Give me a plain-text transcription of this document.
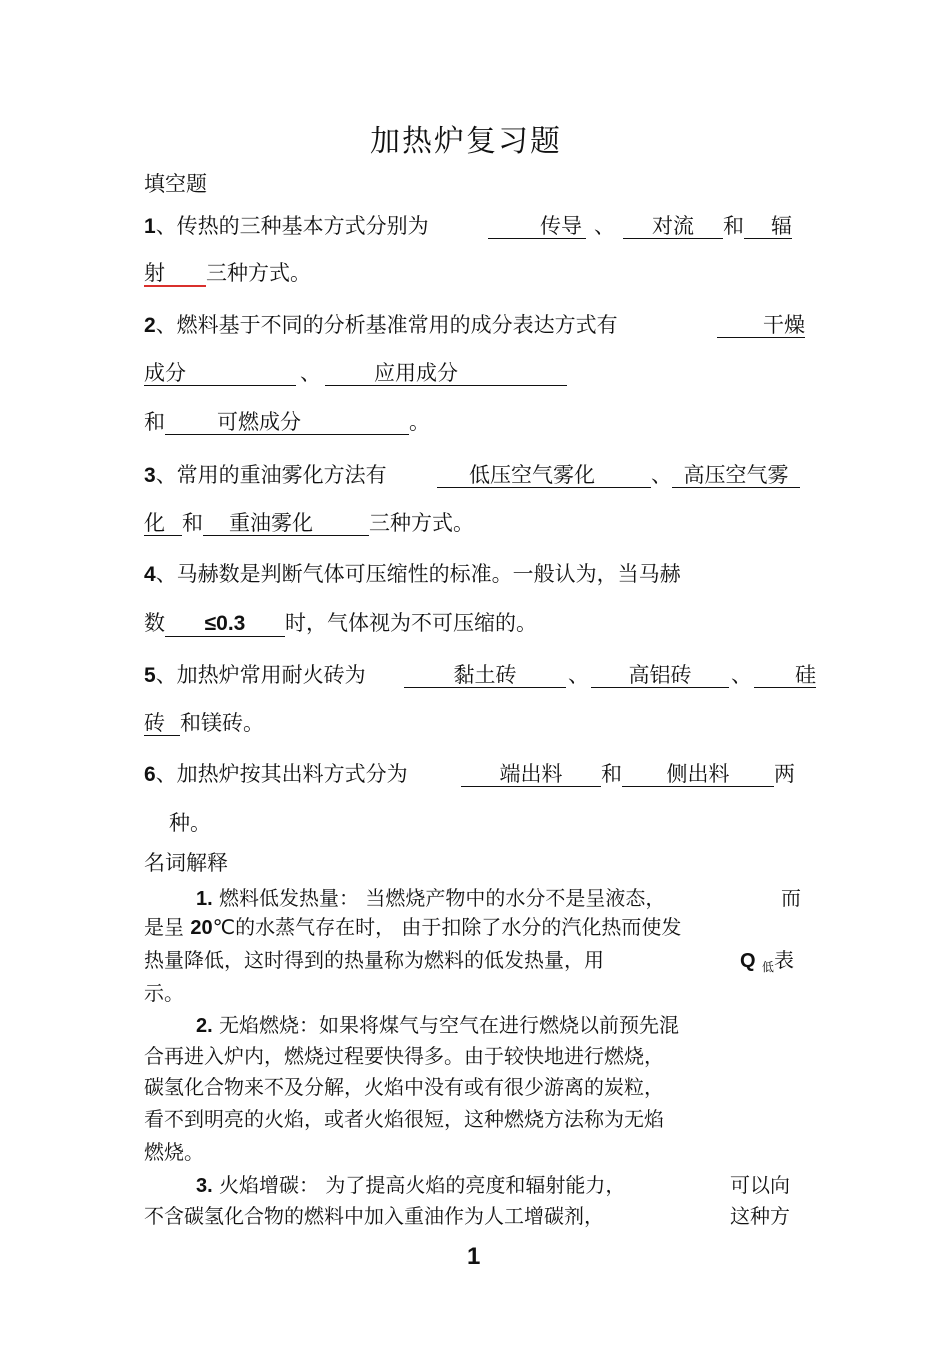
加热炉复习题
填空题
1、传热的三种基本方式分别为	传导 、 对流 和 辐
射 三种方式。
2、燃料基于不同的分析基准常用的成分表达方式有	干燥
成分	、	应用成分
和 可燃成分	。
3、常用的重油雾化方法有	低压空气雾化	、 高压空气雾
化 和 重油雾化	三种方式。
4、马赫数是判断气体可压缩性的标准。一般认为，当马赫
数 ≤0.3 时，气体视为不可压缩的。
5、加热炉常用耐火砖为	黏土砖 、 高铝砖 、 硅
砖 和镁砖。
6、加热炉按其出料方式分为	端出料 和 侧出料 两
种。
名词解释
1. 燃料低发热量： 当燃烧产物中的水分不是呈液态，	而
是呈 20℃的水蒸气存在时， 由于扣除了水分的汽化热而使发
热量降低，这时得到的热量称为燃料的低发热量，用	Q $_低$表
示。
2. 无焰燃烧：如果将煤气与空气在进行燃烧以前预先混
合再进入炉内，燃烧过程要快得多。由于较快地进行燃烧，
碳氢化合物来不及分解，火焰中没有或有很少游离的炭粒，
看不到明亮的火焰，或者火焰很短，这种燃烧方法称为无焰
燃烧。
3. 火焰增碳： 为了提高火焰的亮度和辐射能力，	可以向
不含碳氢化合物的燃料中加入重油作为人工增碳剂，	这种方
1
